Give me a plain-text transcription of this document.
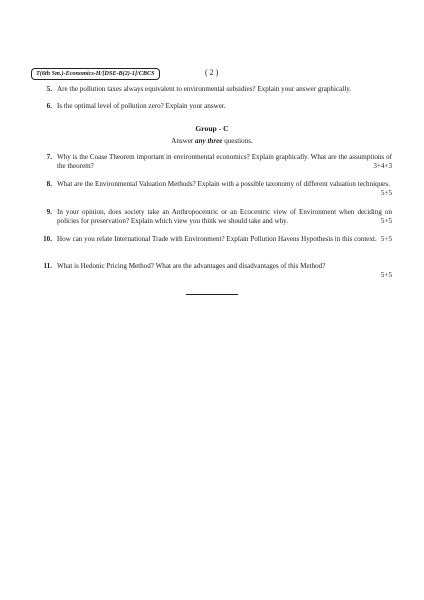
T(6th Sm.)-Economics-H/[DSE-B(2)-1]/CBCS	( 2 )
5. Are the pollution taxes always equivalent to environmental subsidies? Explain your answer graphically.
6. Is the optimal level of pollution zero? Explain your answer.
Group - C
Answer any three questions.
7. Why is the Coase Theorem important in environmental economics? Explain graphically. What are the assumptions of the theorem?	3+4+3
8. What are the Environmental Valuation Methods? Explain with a possible taxonomy of different valuation techniques.
5+5
9. In your opinion, does society take an Anthropocentric or an Ecocentric view of Environment when deciding on policies for preservation? Explain which view you think we should take and why.	5+5
10. How can you relate International Trade with Environment? Explain Pollution Havens Hypothesis in this context. 5+5
11. What is Hedonic Pricing Method? What are the advantages and disadvantages of this Method?
5+5
